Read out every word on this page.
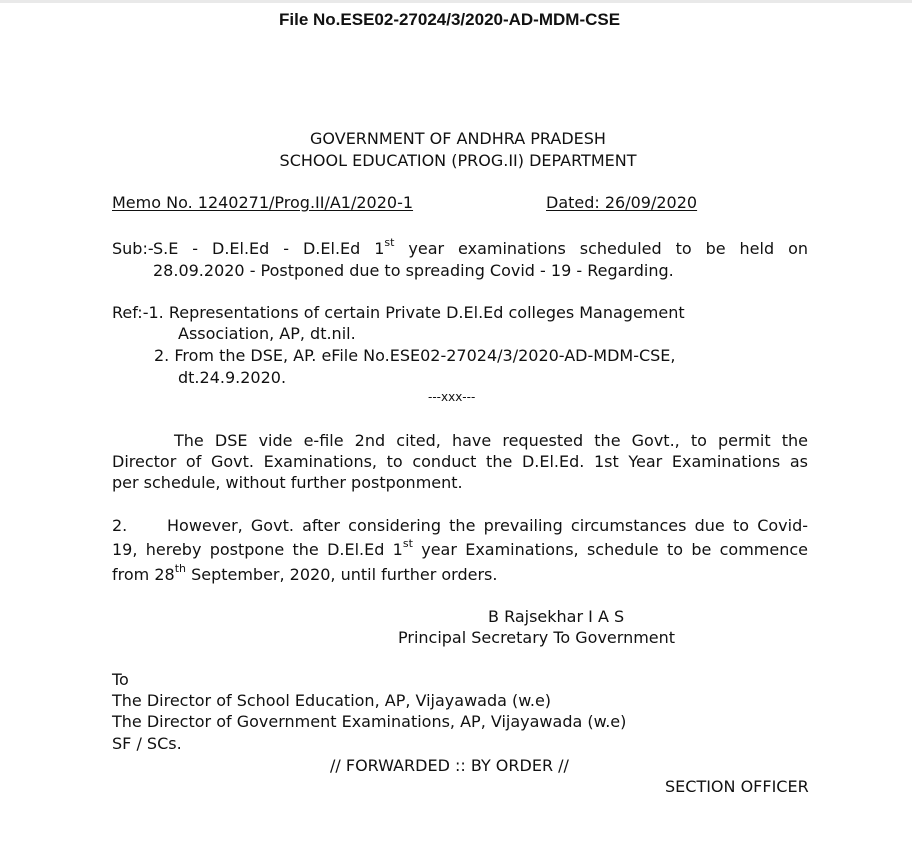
File No.ESE02-27024/3/2020-AD-MDM-CSE
GOVERNMENT OF ANDHRA PRADESH
SCHOOL EDUCATION (PROG.II) DEPARTMENT
Memo No. 1240271/Prog.II/A1/2020-1	Dated: 26/09/2020
Sub:- S.E - D.El.Ed - D.El.Ed 1st year examinations scheduled to be held on
28.09.2020 - Postponed due to spreading Covid - 19 - Regarding.
Ref:-1. Representations of certain Private D.El.Ed colleges Management
Association, AP, dt.nil.
2. From the DSE, AP. eFile No.ESE02-27024/3/2020-AD-MDM-CSE,
dt.24.9.2020.
---xxx---
The DSE vide e-file 2nd cited, have requested the Govt., to permit the
Director of Govt. Examinations, to conduct the D.El.Ed. 1st Year Examinations as
per schedule, without further postponment.
2. However, Govt. after considering the prevailing circumstances due to Covid-
19, hereby postpone the D.El.Ed 1st year Examinations, schedule to be commence
from 28th September, 2020, until further orders.
B Rajsekhar I A S
Principal Secretary To Government
To
The Director of School Education, AP, Vijayawada (w.e)
The Director of Government Examinations, AP, Vijayawada (w.e)
SF / SCs.
// FORWARDED :: BY ORDER //
SECTION OFFICER
